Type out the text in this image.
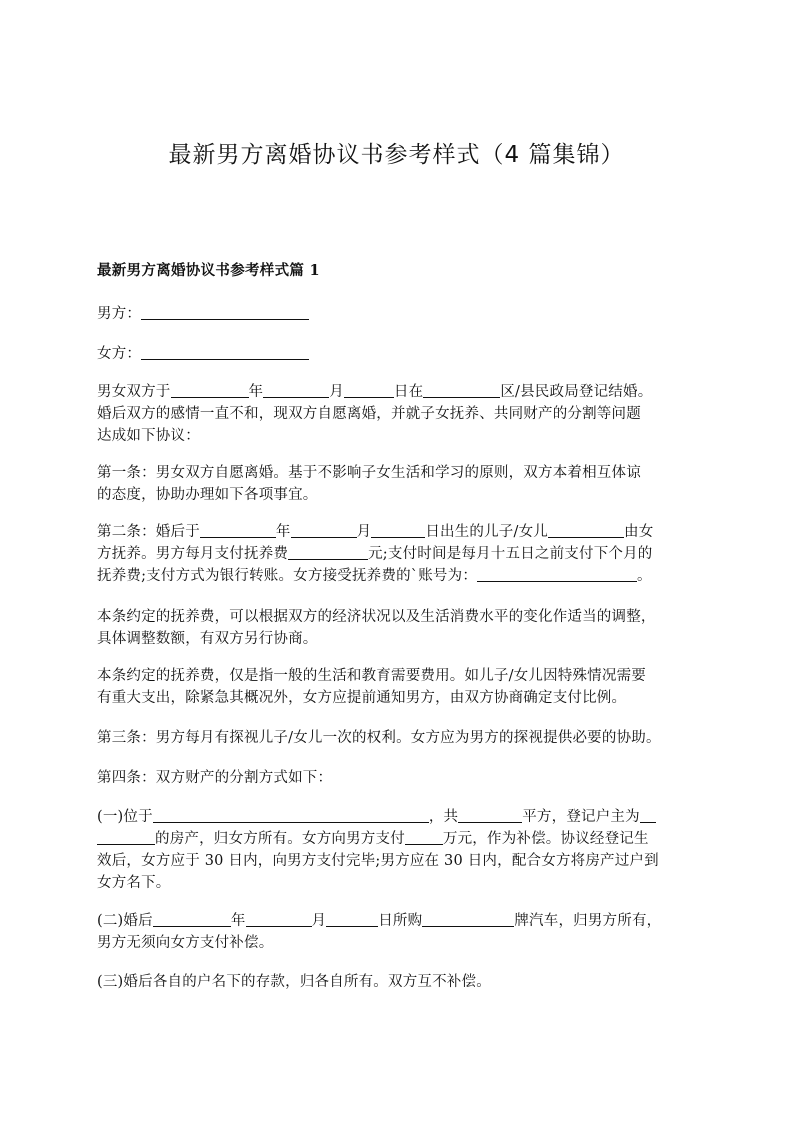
最新男方离婚协议书参考样式（4 篇集锦）
最新男方离婚协议书参考样式篇 1
男方：
女方：
男女双方于	年	月	日在	区/县民政局登记结婚。
婚后双方的感情一直不和，现双方自愿离婚，并就子女抚养、共同财产的分割等问题
达成如下协议：
第一条：男女双方自愿离婚。基于不影响子女生活和学习的原则，双方本着相互体谅
的态度，协助办理如下各项事宜。
第二条：婚后于	年	月	日出生的儿子/女儿	由女
方抚养。男方每月支付抚养费	元;支付时间是每月十五日之前支付下个月的
抚养费;支付方式为银行转账。女方接受抚养费的`账号为：	。
本条约定的抚养费，可以根据双方的经济状况以及生活消费水平的变化作适当的调整，
具体调整数额，有双方另行协商。
本条约定的抚养费，仅是指一般的生活和教育需要费用。如儿子/女儿因特殊情况需要
有重大支出，除紧急其概况外，女方应提前通知男方，由双方协商确定支付比例。
第三条：男方每月有探视儿子/女儿一次的权利。女方应为男方的探视提供必要的协助。
第四条：双方财产的分割方式如下：
(一)位于	，共	平方，登记户主为
的房产，归女方所有。女方向男方支付	万元，作为补偿。协议经登记生
效后，女方应于 30 日内，向男方支付完毕;男方应在 30 日内，配合女方将房产过户到
女方名下。
(二)婚后	年	月	日所购	牌汽车，归男方所有，
男方无须向女方支付补偿。
(三)婚后各自的户名下的存款，归各自所有。双方互不补偿。
